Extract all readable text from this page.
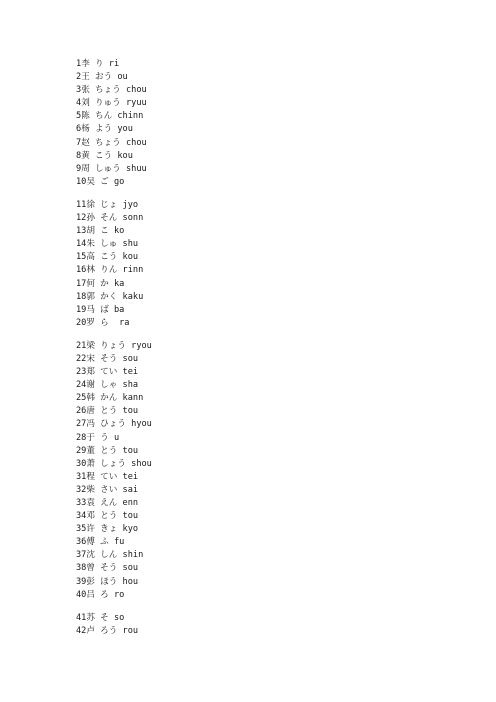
1李 り ri
2王 おう ou
3张 ちょう chou
4刘 りゅう ryuu
5陈 ちん chinn
6杨 よう you
7赵 ちょう chou
8黄 こう kou
9周 しゅう shuu
10吴 ご go
11徐 じょ jyo
12孙 そん sonn
13胡 こ ko
14朱 しゅ shu
15高 こう kou
16林 りん rinn
17何 か ka
18郭 かく kaku
19马 ば ba
20罗 ら  ra
21梁 りょう ryou
22宋 そう sou
23郑 てい tei
24谢 しゃ sha
25韩 かん kann
26唐 とう tou
27冯 ひょう hyou
28于 う u
29董 とう tou
30萧 しょう shou
31程 てい tei
32柴 さい sai
33袁 えん enn
34邓 とう tou
35许 きょ kyo
36傅 ふ fu
37沈 しん shin
38曾 そう sou
39彭 ほう hou
40吕 ろ ro
41苏 そ so
42卢 ろう rou
